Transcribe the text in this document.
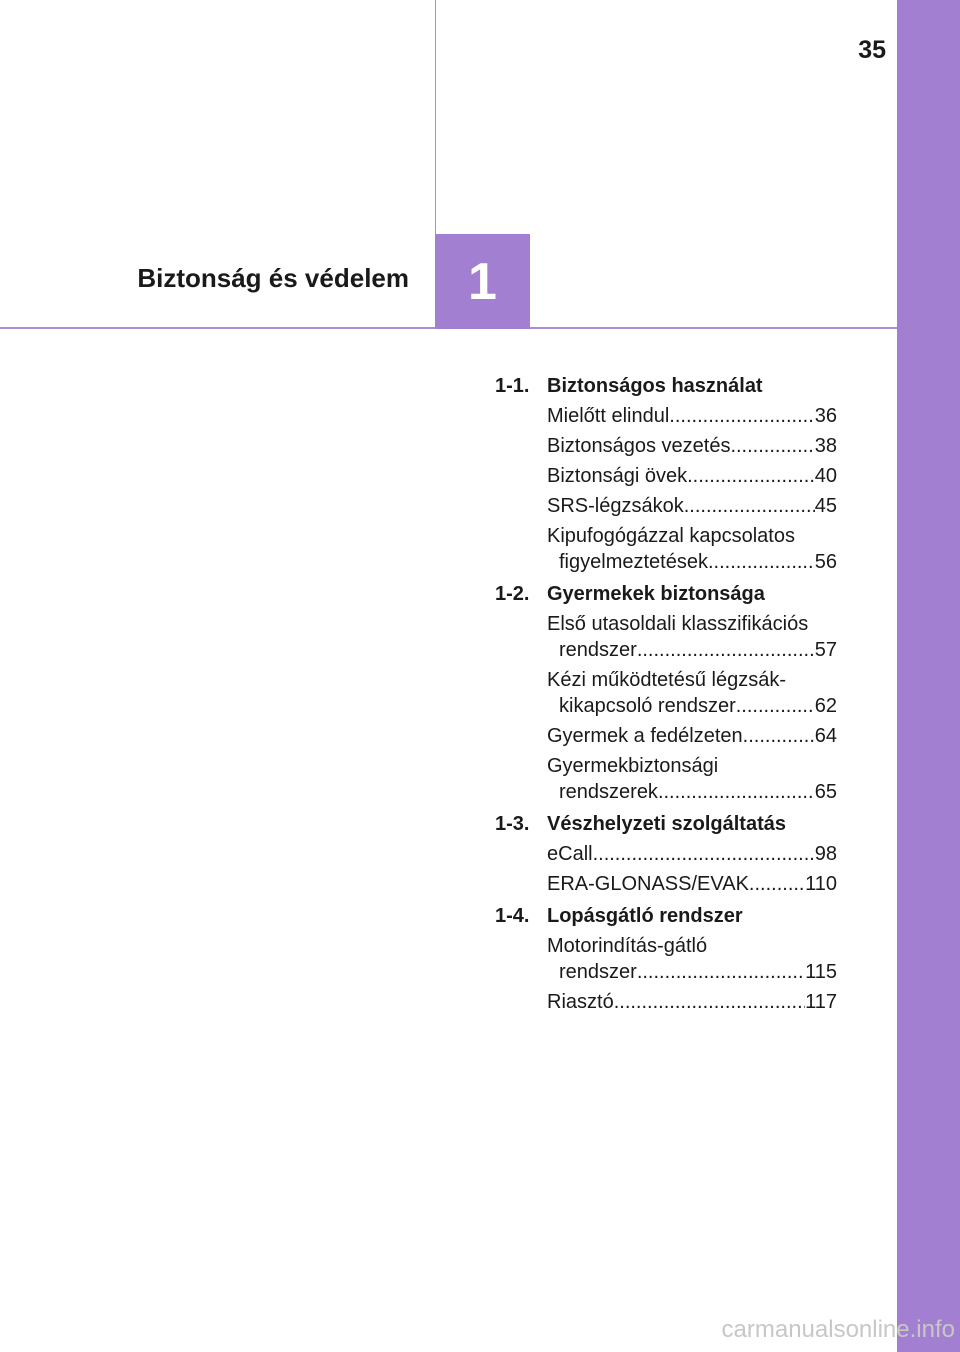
35
1
Biztonság és védelem
1-1. Biztonságos használat
Mielőtt elindul .....	36
Biztonságos vezetés .....	38
Biztonsági övek .....	40
SRS-légzsákok .....	45
Kipufogógázzal kapcsolatos
figyelmeztetések .....	56
1-2. Gyermekek biztonsága
Első utasoldali klasszifikációs
rendszer .....	57
Kézi működtetésű légzsák-
kikapcsoló rendszer .....	62
Gyermek a fedélzeten .....	64
Gyermekbiztonsági
rendszerek .....	65
1-3. Vészhelyzeti szolgáltatás
eCall .....	98
ERA-GLONASS/EVAK .....	110
1-4. Lopásgátló rendszer
Motorindítás-gátló
rendszer .....	115
Riasztó .....	117
carmanualsonline.info
